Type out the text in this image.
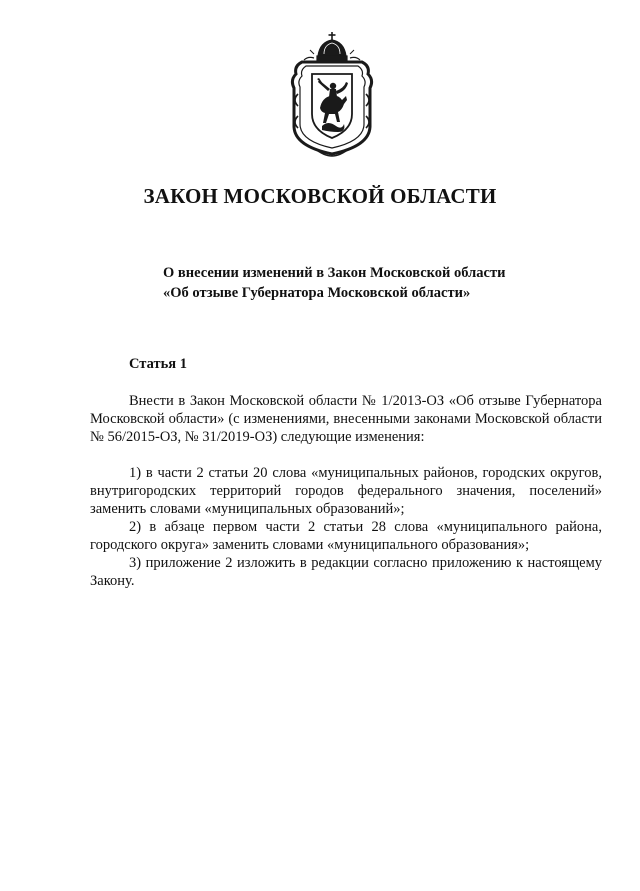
ЗАКОН МОСКОВСКОЙ ОБЛАСТИ
О внесении изменений в Закон Московской области
«Об отзыве Губернатора Московской области»
Статья 1

Внести в Закон Московской области № 1/2013-ОЗ «Об отзыве Губернатора Московской области» (с изменениями, внесенными законами Московской области № 56/2015-ОЗ, № 31/2019-ОЗ) следующие изменения:

1) в части 2 статьи 20 слова «муниципальных районов, городских округов, внутригородских территорий городов федерального значения, поселений» заменить словами «муниципальных образований»;

2) в абзаце первом части 2 статьи 28 слова «муниципального района, городского округа» заменить словами «муниципального образования»;

3) приложение 2 изложить в редакции согласно приложению к настоящему Закону.
